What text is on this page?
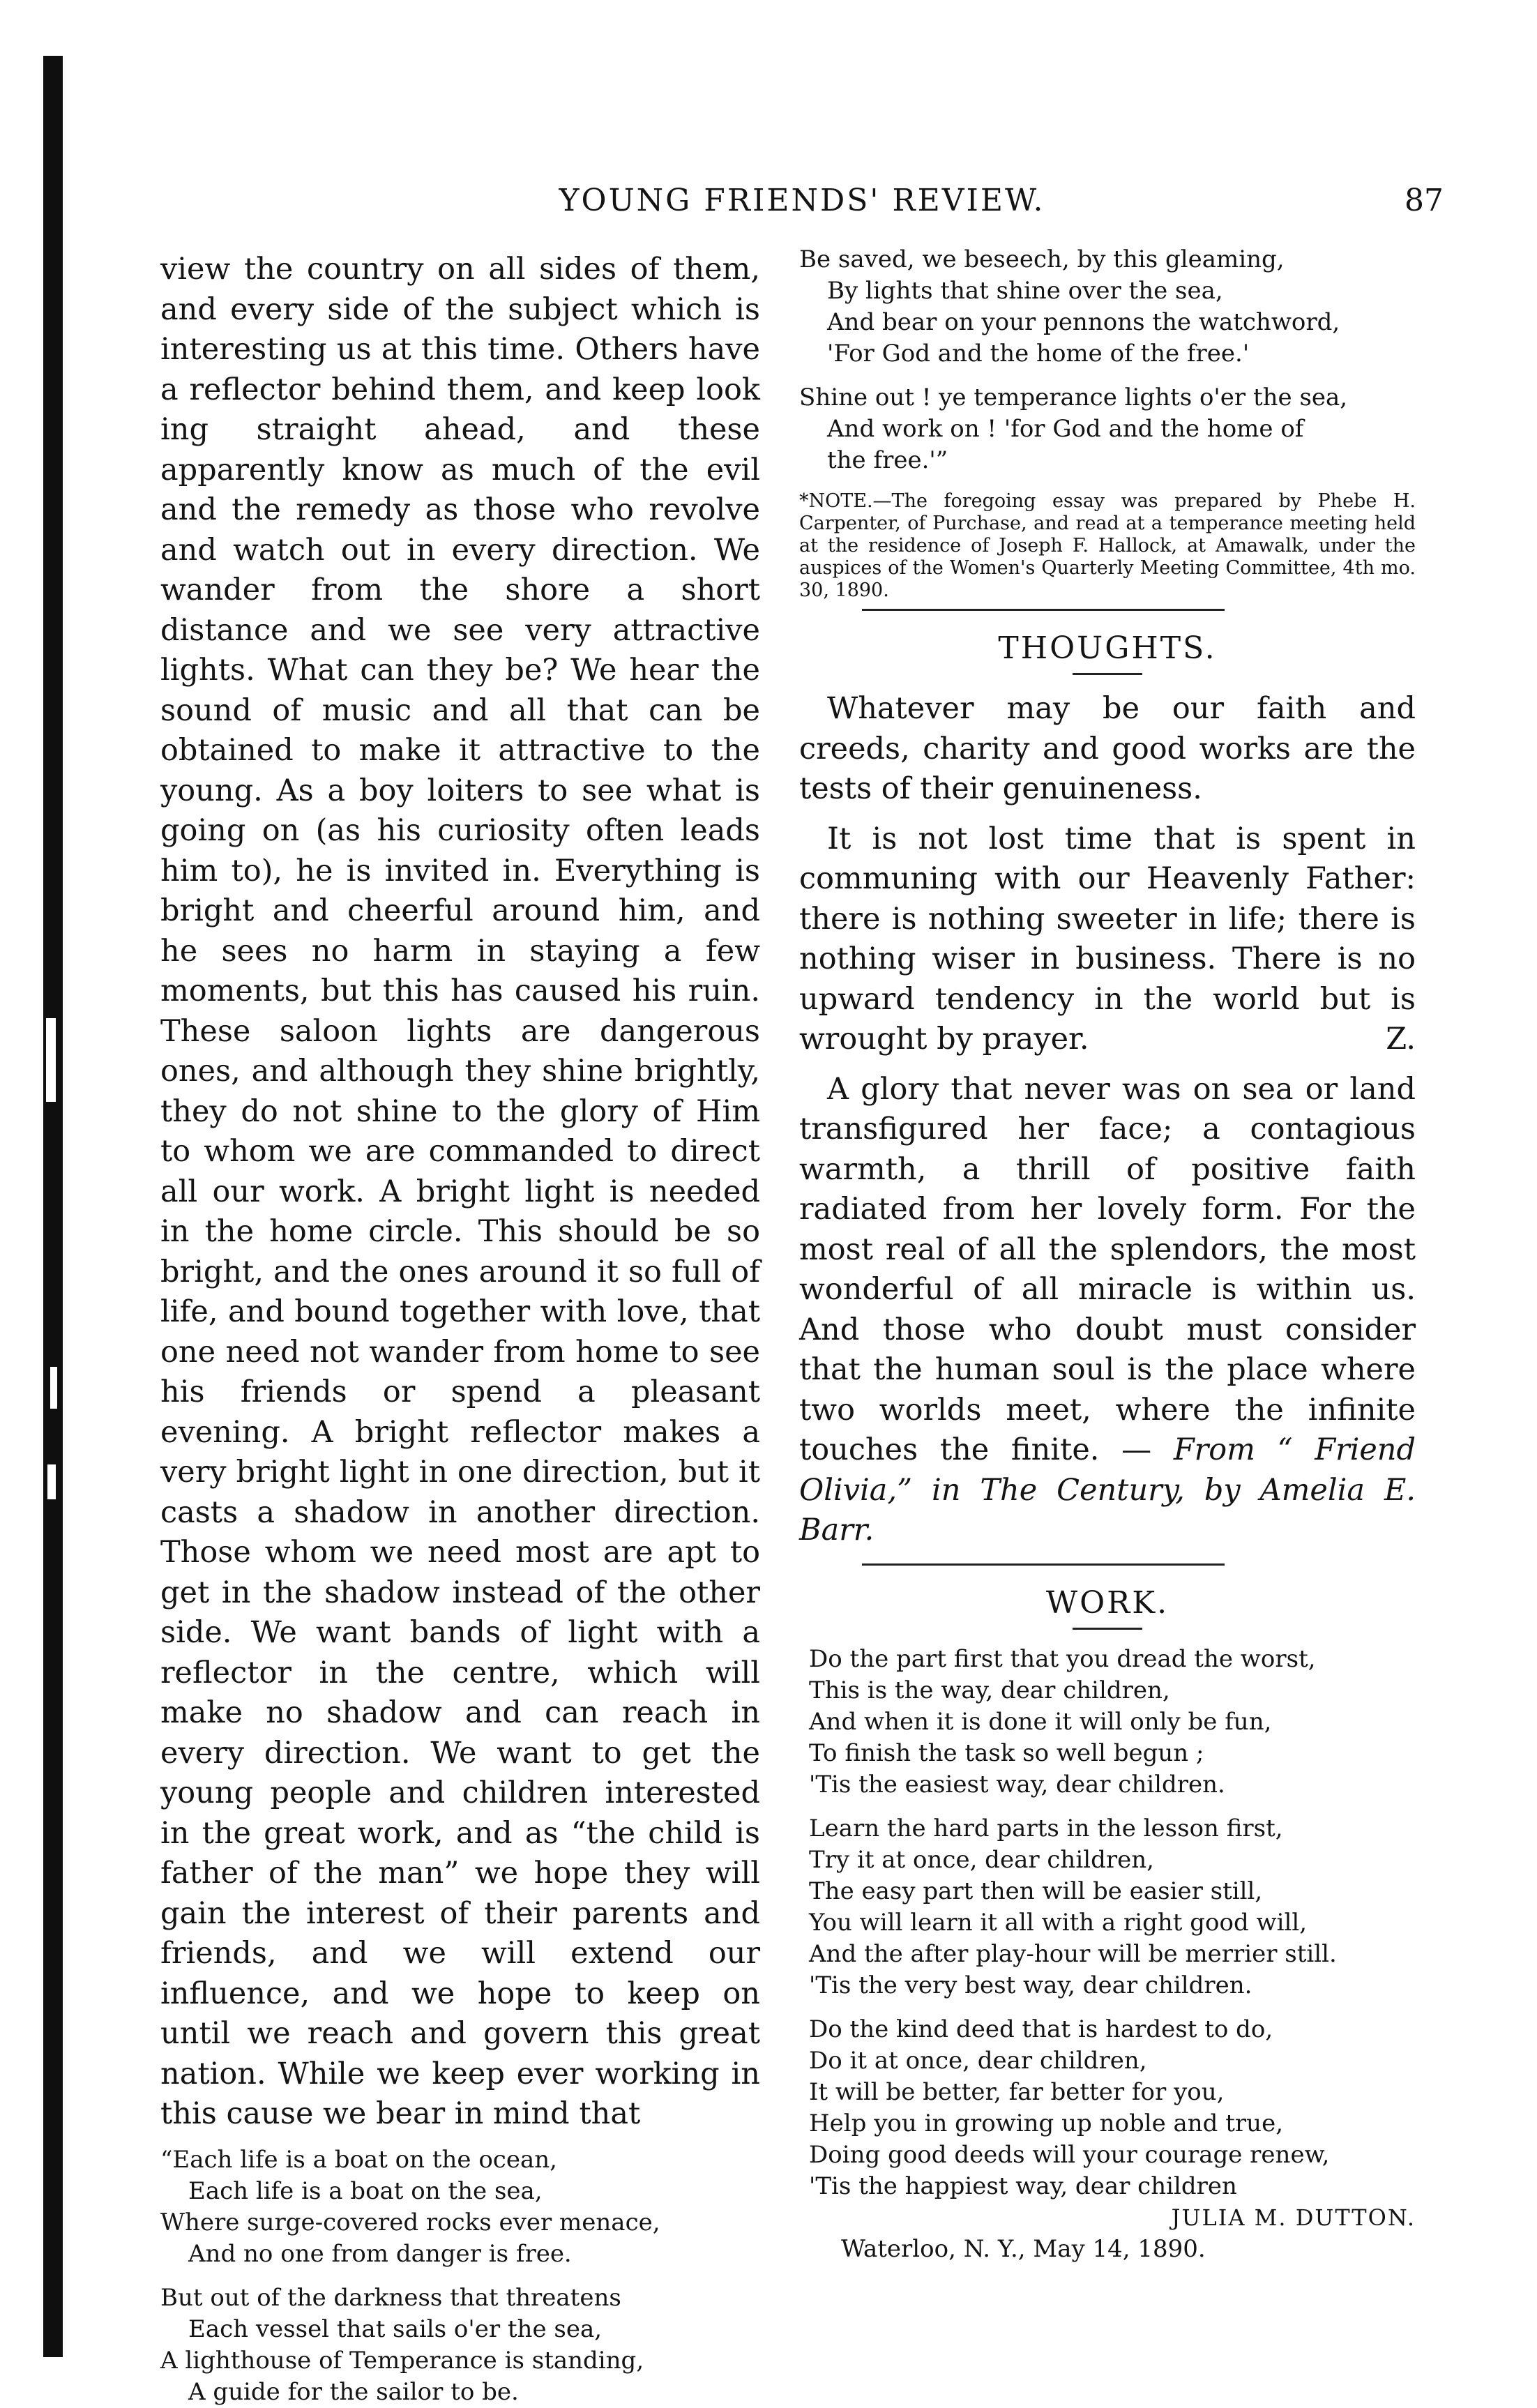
YOUNG FRIENDS' REVIEW.	87

view the country on all sides of them, and every side of the subject which is interesting us at this time. Others have a reflector behind them, and keep look ing straight ahead, and these apparently know as much of the evil and the remedy as those who revolve and watch out in every direction. We wander from the shore a short distance and we see very attractive lights. What can they be? We hear the sound of music and all that can be obtained to make it attractive to the young. As a boy loiters to see what is going on (as his curiosity often leads him to), he is invited in. Everything is bright and cheerful around him, and he sees no harm in staying a few moments, but this has caused his ruin. These saloon lights are dangerous ones, and although they shine brightly, they do not shine to the glory of Him to whom we are commanded to direct all our work. A bright light is needed in the home circle. This should be so bright, and the ones around it so full of life, and bound together with love, that one need not wander from home to see his friends or spend a pleasant evening. A bright reflector makes a very bright light in one direction, but it casts a shadow in another direction. Those whom we need most are apt to get in the shadow instead of the other side. We want bands of light with a reflector in the centre, which will make no shadow and can reach in every direction. We want to get the young people and children interested in the great work, and as “the child is father of the man” we hope they will gain the interest of their parents and friends, and we will extend our influence, and we hope to keep on until we reach and govern this great nation. While we keep ever working in this cause we bear in mind that

“Each life is a boat on the ocean,
Each life is a boat on the sea,
Where surge-covered rocks ever menace,
And no one from danger is free.
But out of the darkness that threatens
Each vessel that sails o'er the sea,
A lighthouse of Temperance is standing,
A guide for the sailor to be.
Be saved, we beseech, by this gleaming,
By lights that shine over the sea,
And bear on your pennons the watchword,
'For God and the home of the free.'
Shine out ! ye temperance lights o'er the sea,
And work on ! 'for God and the home of
the free.'”

*NOTE.—The foregoing essay was prepared by Phebe H. Carpenter, of Purchase, and read at a temperance meeting held at the residence of Joseph F. Hallock, at Amawalk, under the auspices of the Women's Quarterly Meeting Committee, 4th mo. 30, 1890.

THOUGHTS.

Whatever may be our faith and creeds, charity and good works are the tests of their genuineness.

It is not lost time that is spent in communing with our Heavenly Father: there is nothing sweeter in life; there is nothing wiser in business. There is no upward tendency in the world but is wrought by prayer.	Z.

A glory that never was on sea or land transfigured her face; a contagious warmth, a thrill of positive faith radiated from her lovely form. For the most real of all the splendors, the most wonderful of all miracle is within us. And those who doubt must consider that the human soul is the place where two worlds meet, where the infinite touches the finite. — From “ Friend Olivia,” in The Century, by Amelia E. Barr.

WORK.
Do the part first that you dread the worst,
This is the way, dear children,
And when it is done it will only be fun,
To finish the task so well begun ;
'Tis the easiest way, dear children.
Learn the hard parts in the lesson first,
Try it at once, dear children,
The easy part then will be easier still,
You will learn it all with a right good will,
And the after play-hour will be merrier still.
'Tis the very best way, dear children.
Do the kind deed that is hardest to do,
Do it at once, dear children,
It will be better, far better for you,
Help you in growing up noble and true,
Doing good deeds will your courage renew,
'Tis the happiest way, dear children

JULIA M. DUTTON.

Waterloo, N. Y., May 14, 1890.
